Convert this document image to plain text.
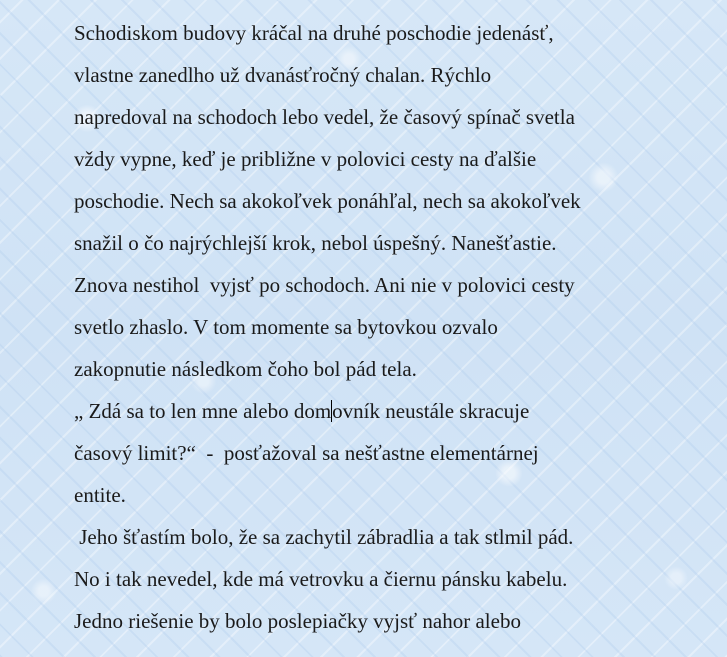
Schodiskom budovy kráčal na druhé poschodie jedenásť,
vlastne zanedlho už dvanásťročný chalan. Rýchlo
napredoval na schodoch lebo vedel, že časový spínač svetla
vždy vypne, keď je približne v polovici cesty na ďalšie
poschodie. Nech sa akokoľvek ponáhľal, nech sa akokoľvek
snažil o čo najrýchlejší krok, nebol úspešný. Nanešťastie.
Znova nestihol  vyjsť po schodoch. Ani nie v polovici cesty
svetlo zhaslo. V tom momente sa bytovkou ozvalo
zakopnutie následkom čoho bol pád tela.
„ Zdá sa to len mne alebo domovník neustále skracuje
časový limit?“  -  posťažoval sa nešťastne elementárnej
entite.
Jeho šťastím bolo, že sa zachytil zábradlia a tak stlmil pád.
No i tak nevedel, kde má vetrovku a čiernu pánsku kabelu.
Jedno riešenie by bolo poslepiačky vyjsť nahor alebo
